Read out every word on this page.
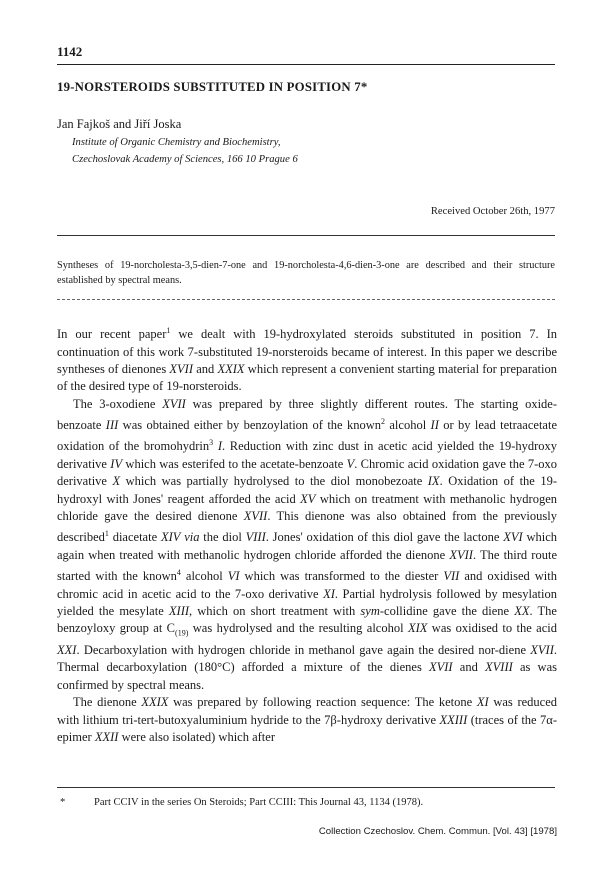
1142
19-NORSTEROIDS SUBSTITUTED IN POSITION 7*
Jan Fajkoš and Jiří Joska
Institute of Organic Chemistry and Biochemistry,
Czechoslovak Academy of Sciences, 166 10 Prague 6
Received October 26th, 1977
Syntheses of 19-norcholesta-3,5-dien-7-one and 19-norcholesta-4,6-dien-3-one are described and their structure established by spectral means.

In our recent paper$^1$ we dealt with 19-hydroxylated steroids substituted in position 7. In continuation of this work 7-substituted 19-norsteroids became of interest. In this paper we describe syntheses of dienones XVII and XXIX which represent a convenient starting material for preparation of the desired type of 19-norsteroids.

The 3-oxodiene XVII was prepared by three slightly different routes. The starting oxide-benzoate III was obtained either by benzoylation of the known$^2$ alcohol II or by lead tetraacetate oxidation of the bromohydrin$^3$ I. Reduction with zinc dust in acetic acid yielded the 19-hydroxy derivative IV which was esterifed to the acetate-benzoate V. Chromic acid oxidation gave the 7-oxo derivative X which was partially hydrolysed to the diol monobezoate IX. Oxidation of the 19-hydroxyl with Jones' reagent afforded the acid XV which on treatment with methanolic hydrogen chloride gave the desired dienone XVII. This dienone was also obtained from the previously described$^1$ diacetate XIV via the diol VIII. Jones' oxidation of this diol gave the lactone XVI which again when treated with methanolic hydrogen chloride afforded the dienone XVII. The third route started with the known$^4$ alcohol VI which was transformed to the diester VII and oxidised with chromic acid in acetic acid to the 7-oxo derivative XI. Partial hydrolysis followed by mesylation yielded the mesylate XIII, which on short treatment with sym-collidine gave the diene XX. The benzoyloxy group at $C_{(19)}$ was hydrolysed and the resulting alcohol XIX was oxidised to the acid XXI. Decarboxylation with hydrogen chloride in methanol gave again the desired nor-diene XVII. Thermal decarboxylation (180°C) afforded a mixture of the dienes XVII and XVIII as was confirmed by spectral means.

The dienone XXIX was prepared by following reaction sequence: The ketone XI was reduced with lithium tri-tert-butoxyaluminium hydride to the 7β-hydroxy derivative XXIII (traces of the 7α-epimer XXII were also isolated) which after

*	Part CCIV in the series On Steroids; Part CCIII: This Journal 43, 1134 (1978).
Collection Czechoslov. Chem. Commun. [Vol. 43] [1978]
